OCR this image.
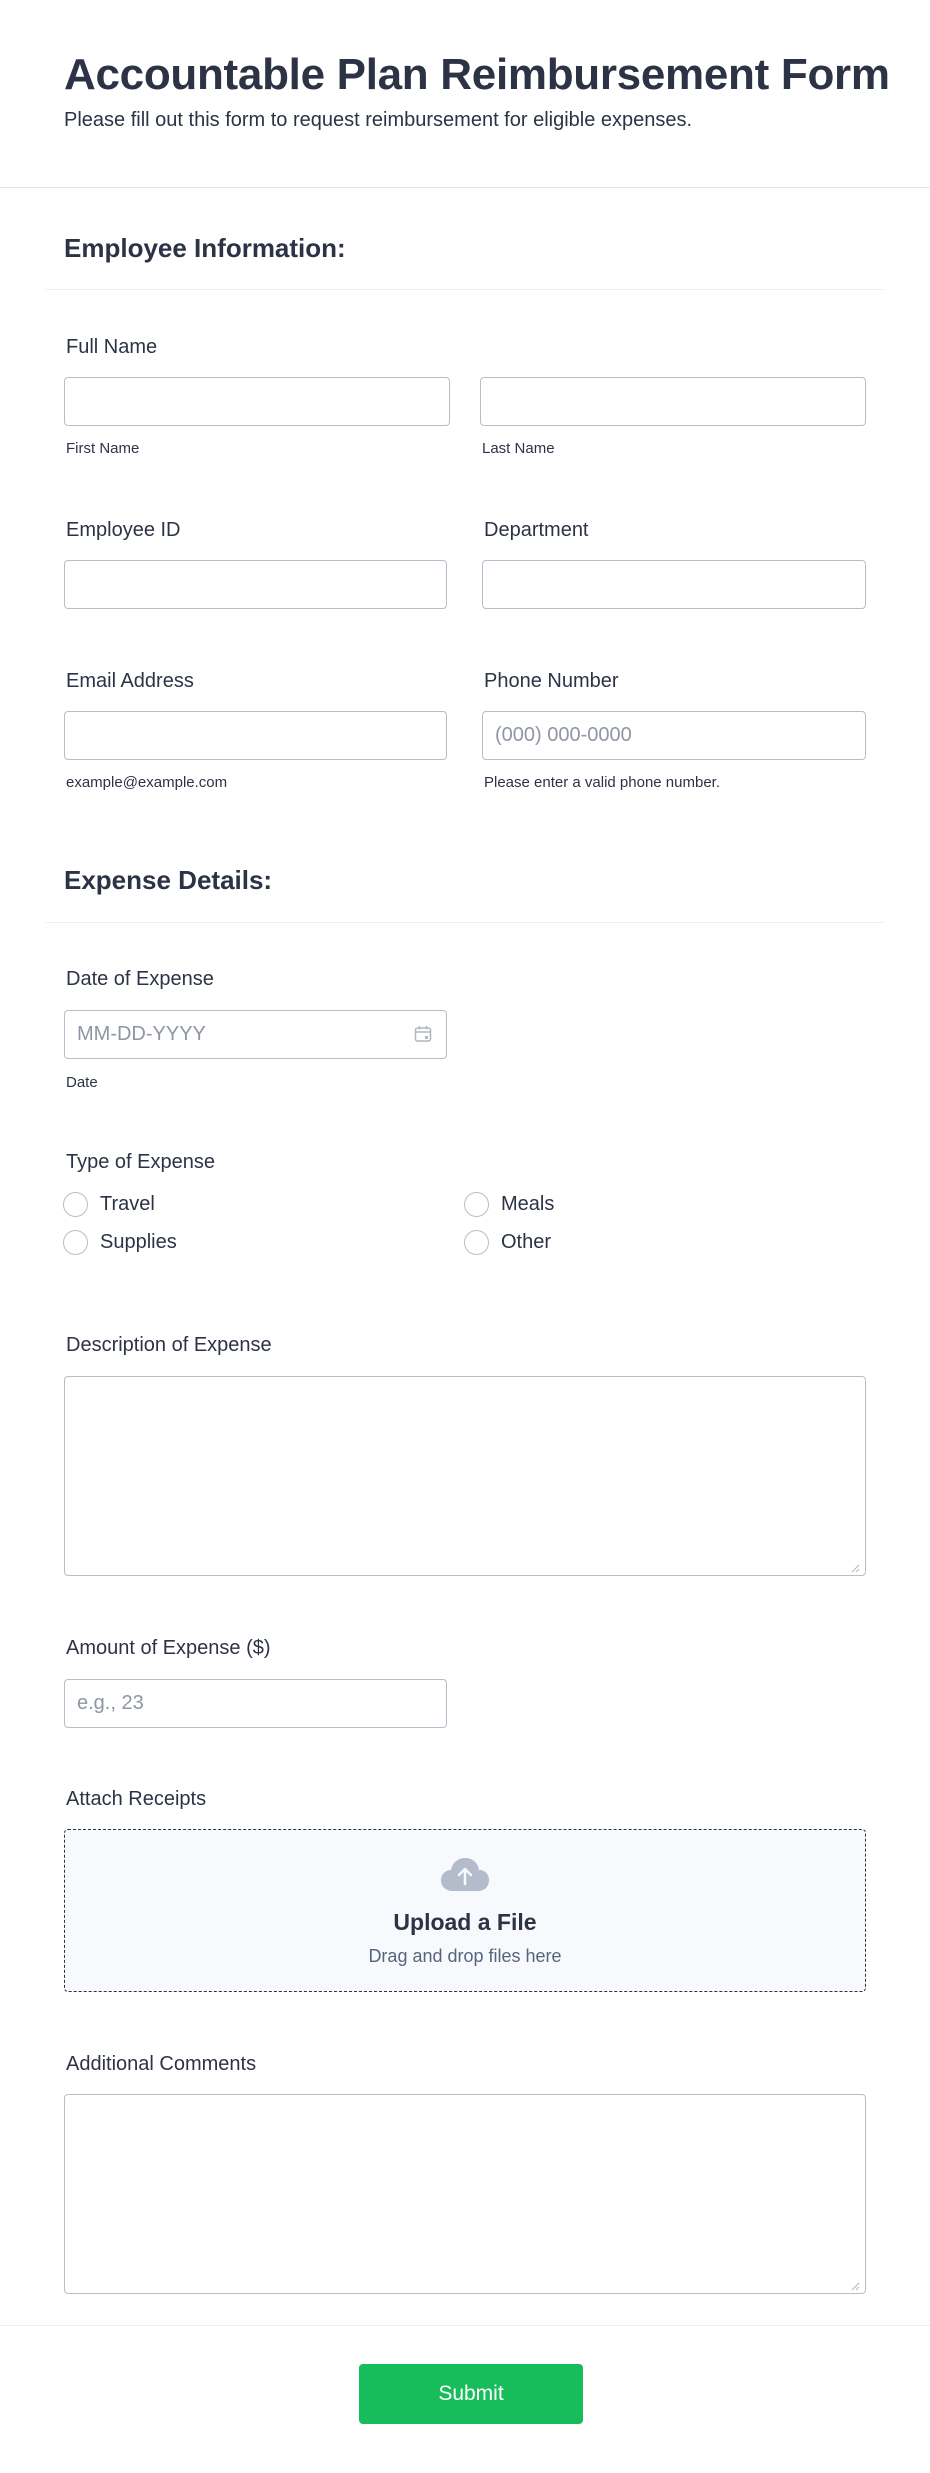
Accountable Plan Reimbursement Form

Please fill out this form to request reimbursement for eligible expenses.

Employee Information:
Full Name
First Name	Last Name
Employee ID	Department
Email Address
example@example.com
Phone Number
(000) 000-0000
Please enter a valid phone number.
Expense Details:
Date of Expense
MM-DD-YYYY
Date
Type of Expense
Travel	Meals
Supplies	Other
Description of Expense
Amount of Expense ($)
e.g., 23
Attach Receipts
Upload a File
Drag and drop files here
Additional Comments
Submit
